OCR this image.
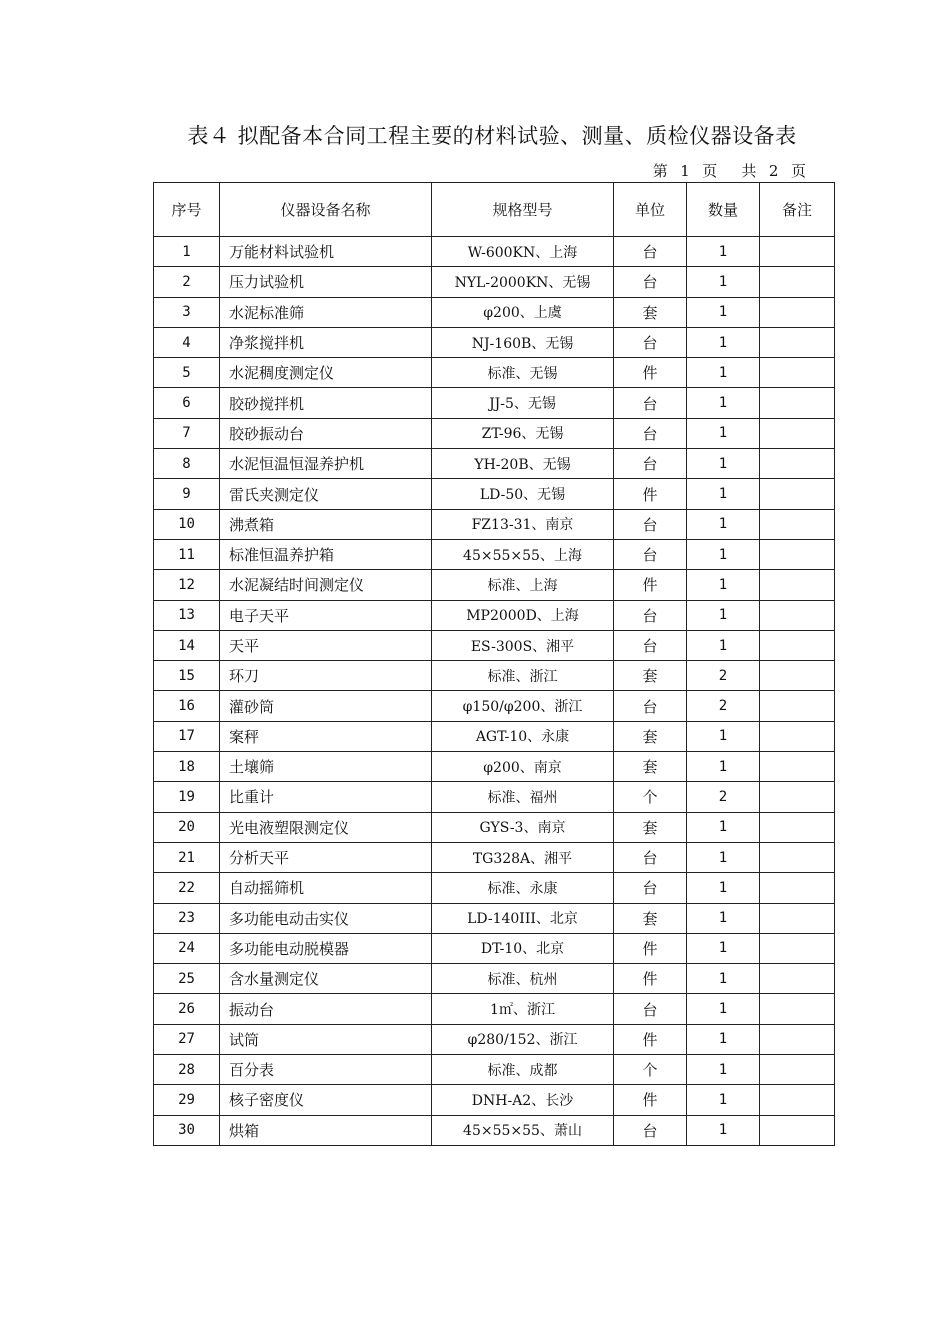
表４ 拟配备本合同工程主要的材料试验、测量、质检仪器设备表
第  1  页    共  2  页
序号	仪器设备名称	规格型号	单位	数量	备注
1	万能材料试验机	W-600KN、上海	台	1	
2	压力试验机	NYL-2000KN、无锡	台	1	
3	水泥标准筛	φ200、上虞	套	1	
4	净浆搅拌机	NJ-160B、无锡	台	1	
5	水泥稠度测定仪	标准、无锡	件	1	
6	胶砂搅拌机	JJ-5、无锡	台	1	
7	胶砂振动台	ZT-96、无锡	台	1	
8	水泥恒温恒湿养护机	YH-20B、无锡	台	1	
9	雷氏夹测定仪	LD-50、无锡	件	1	
10	沸煮箱	FZ13-31、南京	台	1	
11	标准恒温养护箱	45×55×55、上海	台	1	
12	水泥凝结时间测定仪	标准、上海	件	1	
13	电子天平	MP2000D、上海	台	1	
14	天平	ES-300S、湘平	台	1	
15	环刀	标准、浙江	套	2	
16	灌砂筒	φ150/φ200、浙江	台	2	
17	案秤	AGT-10、永康	套	1	
18	土壤筛	φ200、南京	套	1	
19	比重计	标准、福州	个	2	
20	光电液塑限测定仪	GYS-3、南京	套	1	
21	分析天平	TG328A、湘平	台	1	
22	自动摇筛机	标准、永康	台	1	
23	多功能电动击实仪	LD-140III、北京	套	1	
24	多功能电动脱模器	DT-10、北京	件	1	
25	含水量测定仪	标准、杭州	件	1	
26	振动台	1㎡、浙江	台	1	
27	试筒	φ280/152、浙江	件	1	
28	百分表	标准、成都	个	1	
29	核子密度仪	DNH-A2、长沙	件	1	
30	烘箱	45×55×55、萧山	台	1	
